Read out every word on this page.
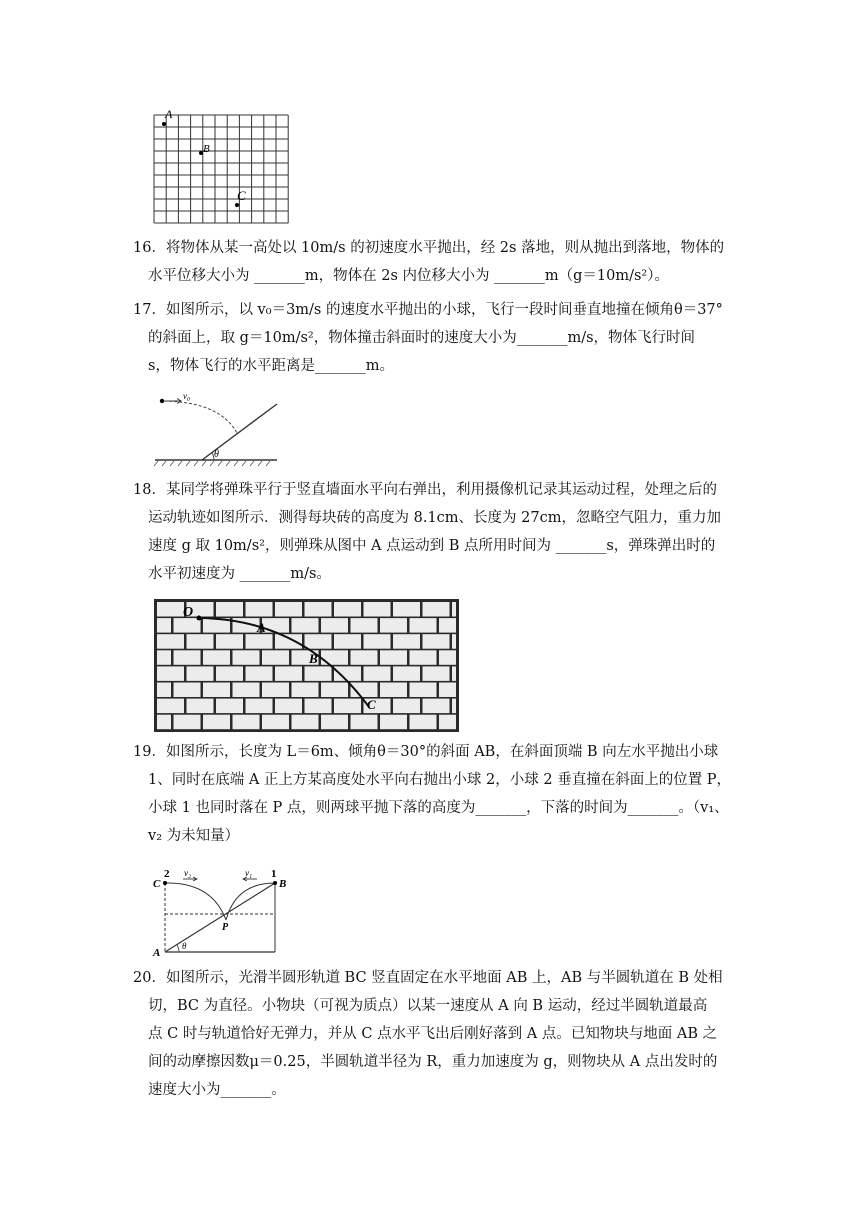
A
B
C
16．将物体从某一高处以 10m/s 的初速度水平抛出，经 2s 落地，则从抛出到落地，物体的
水平位移大小为 _______m，物体在 2s 内位移大小为 _______m（g＝10m/s²）。
17．如图所示，以 v₀＝3m/s 的速度水平抛出的小球，飞行一段时间垂直地撞在倾角θ＝37°
的斜面上，取 g＝10m/s²，物体撞击斜面时的速度大小为_______m/s，物体飞行时间
s，物体飞行的水平距离是_______m。
v₀
θ
18．某同学将弹珠平行于竖直墙面水平向右弹出，利用摄像机记录其运动过程，处理之后的
运动轨迹如图所示．测得每块砖的高度为 8.1cm、长度为 27cm，忽略空气阻力，重力加
速度 g 取 10m/s²，则弹珠从图中 A 点运动到 B 点所用时间为 _______s，弹珠弹出时的
水平初速度为 _______m/s。
O
A
B
C
19．如图所示，长度为 L＝6m、倾角θ＝30°的斜面 AB，在斜面顶端 B 向左水平抛出小球
1、同时在底端 A 正上方某高度处水平向右抛出小球 2，小球 2 垂直撞在斜面上的位置 P，
小球 1 也同时落在 P 点，则两球平抛下落的高度为_______，下落的时间为_______。（v₁、
v₂ 为未知量）
C
2 v₂	v₁ 1
B
P
A
θ
20．如图所示，光滑半圆形轨道 BC 竖直固定在水平地面 AB 上，AB 与半圆轨道在 B 处相
切，BC 为直径。小物块（可视为质点）以某一速度从 A 向 B 运动，经过半圆轨道最高
点 C 时与轨道恰好无弹力，并从 C 点水平飞出后刚好落到 A 点。已知物块与地面 AB 之
间的动摩擦因数μ＝0.25，半圆轨道半径为 R，重力加速度为 g，则物块从 A 点出发时的
速度大小为_______。
